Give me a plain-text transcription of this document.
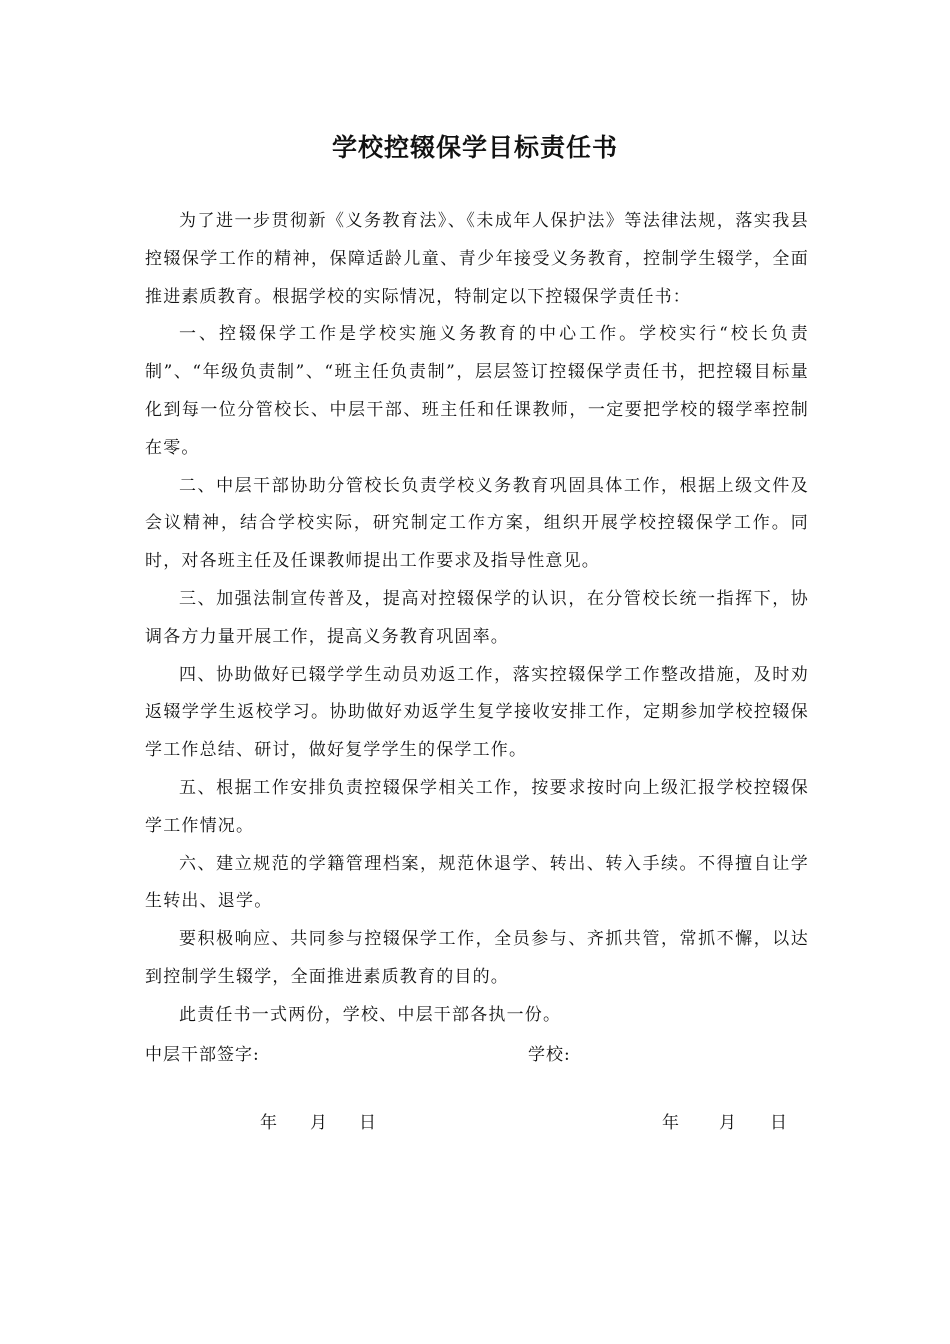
学校控辍保学目标责任书

为了进一步贯彻新《义务教育法》、《未成年人保护法》等法律法规，落实我县控辍保学工作的精神，保障适龄儿童、青少年接受义务教育，控制学生辍学，全面推进素质教育。根据学校的实际情况，特制定以下控辍保学责任书：

一、控辍保学工作是学校实施义务教育的中心工作。学校实行“校长负责制”、“年级负责制”、“班主任负责制”，层层签订控辍保学责任书，把控辍目标量化到每一位分管校长、中层干部、班主任和任课教师，一定要把学校的辍学率控制在零。

二、中层干部协助分管校长负责学校义务教育巩固具体工作，根据上级文件及会议精神，结合学校实际，研究制定工作方案，组织开展学校控辍保学工作。同时，对各班主任及任课教师提出工作要求及指导性意见。

三、加强法制宣传普及，提高对控辍保学的认识，在分管校长统一指挥下，协调各方力量开展工作，提高义务教育巩固率。

四、协助做好已辍学学生动员劝返工作，落实控辍保学工作整改措施，及时劝返辍学学生返校学习。协助做好劝返学生复学接收安排工作，定期参加学校控辍保学工作总结、研讨，做好复学学生的保学工作。

五、根据工作安排负责控辍保学相关工作，按要求按时向上级汇报学校控辍保学工作情况。

六、建立规范的学籍管理档案，规范休退学、转出、转入手续。不得擅自让学生转出、退学。

要积极响应、共同参与控辍保学工作，全员参与、齐抓共管，常抓不懈，以达到控制学生辍学，全面推进素质教育的目的。

此责任书一式两份，学校、中层干部各执一份。

中层干部签字:	学校:
年 月 日	年 月 日
